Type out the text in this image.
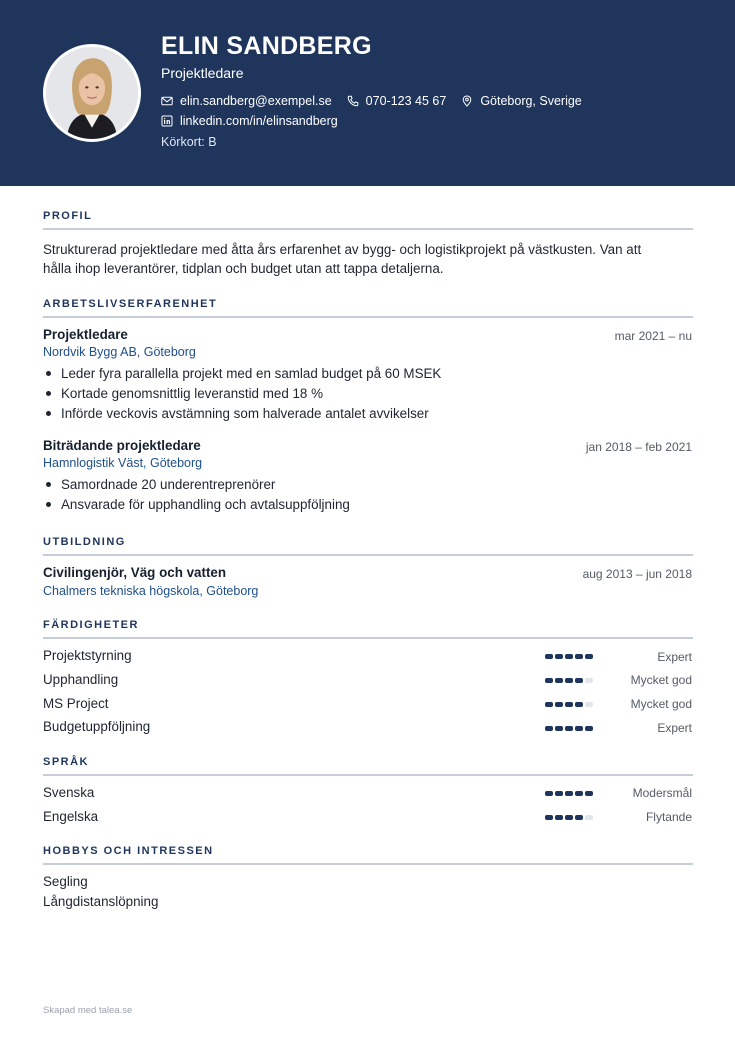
ELIN SANDBERG
Projektledare
elin.sandberg@exempel.se	070-123 45 67	Göteborg, Sverige
linkedin.com/in/elinsandberg
Körkort: B
PROFIL
Strukturerad projektledare med åtta års erfarenhet av bygg- och logistikprojekt på västkusten. Van att
hålla ihop leverantörer, tidplan och budget utan att tappa detaljerna.
ARBETSLIVSERFARENHET
Projektledare	mar 2021 – nu
Nordvik Bygg AB, Göteborg
Leder fyra parallella projekt med en samlad budget på 60 MSEK
Kortade genomsnittlig leveranstid med 18 %
Införde veckovis avstämning som halverade antalet avvikelser
Biträdande projektledare	jan 2018 – feb 2021
Hamnlogistik Väst, Göteborg
Samordnade 20 underentreprenörer
Ansvarade för upphandling och avtalsuppföljning
UTBILDNING
Civilingenjör, Väg och vatten	aug 2013 – jun 2018
Chalmers tekniska högskola, Göteborg
FÄRDIGHETER
Projektstyrning	Expert
Upphandling	Mycket god
MS Project	Mycket god
Budgetuppföljning	Expert
SPRÅK
Svenska	Modersmål
Engelska	Flytande
HOBBYS OCH INTRESSEN
Segling
Långdistanslöpning
Skapad med talea.se
